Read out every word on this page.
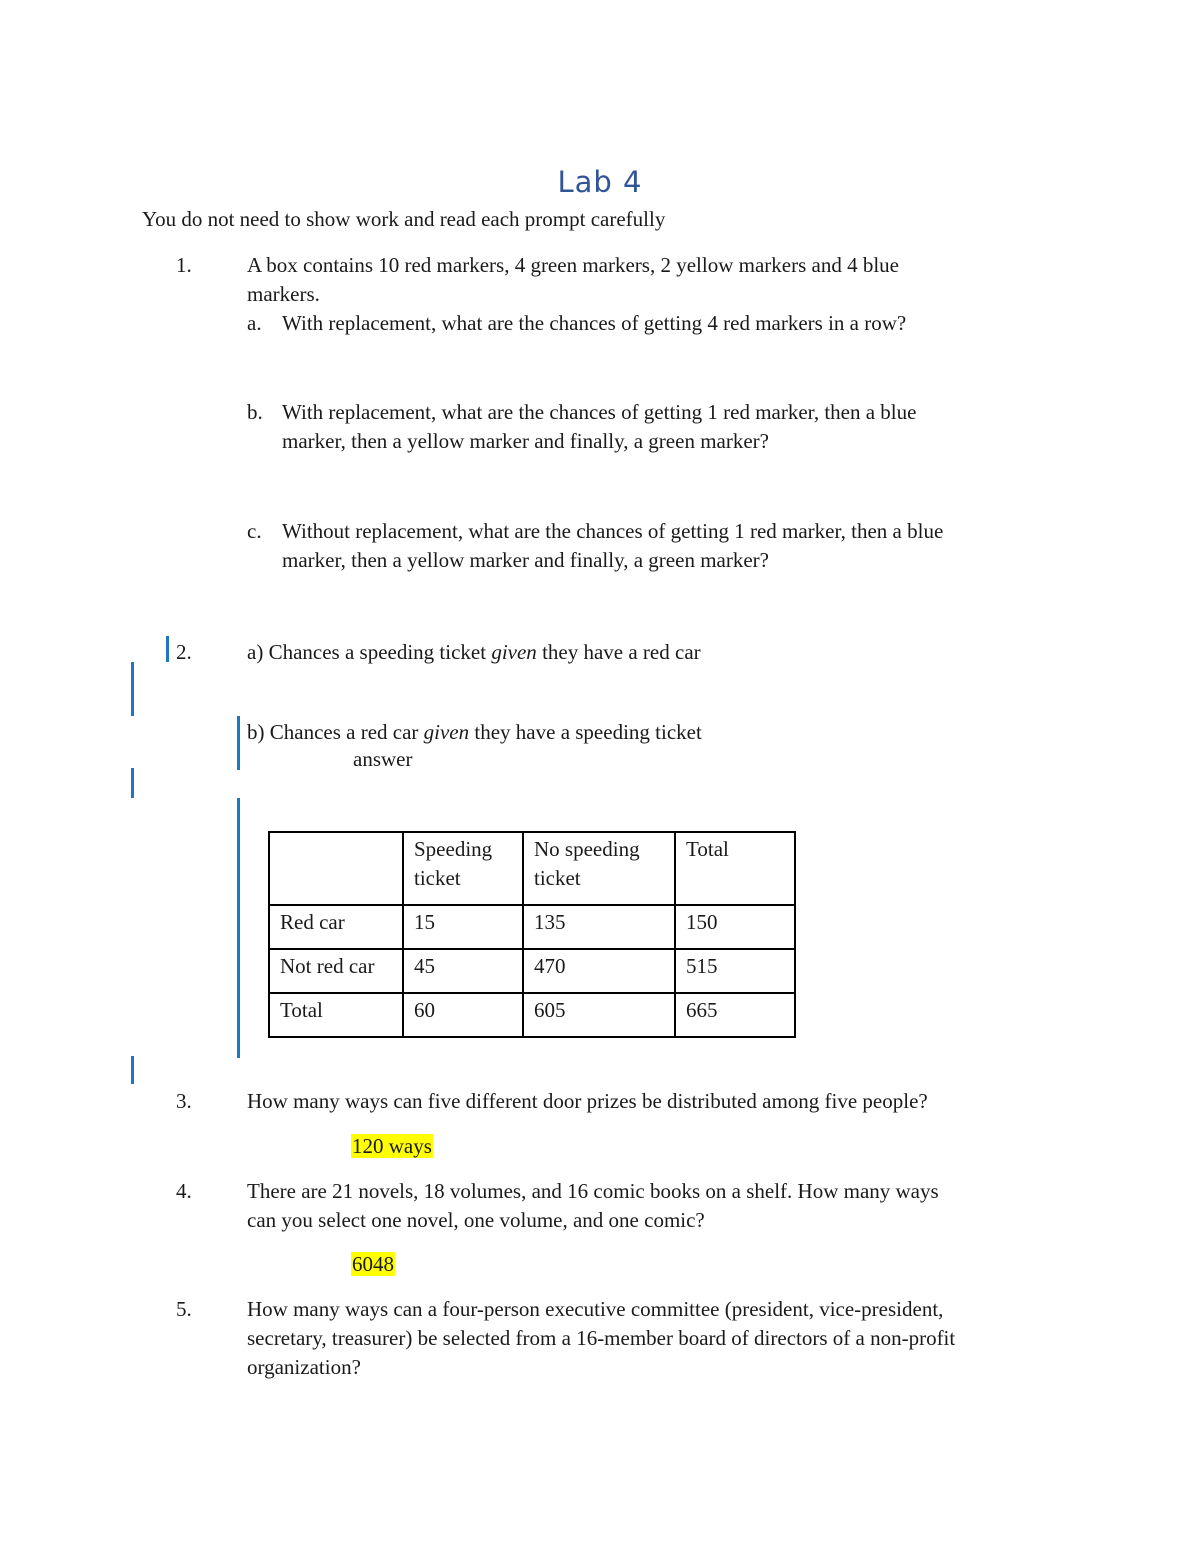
Lab 4
You do not need to show work and read each prompt carefully
1.	A box contains 10 red markers, 4 green markers, 2 yellow markers and 4 blue
markers.
a. With replacement, what are the chances of getting 4 red markers in a row?
b. With replacement, what are the chances of getting 1 red marker, then a blue
marker, then a yellow marker and finally, a green marker?
c. Without replacement, what are the chances of getting 1 red marker, then a blue
marker, then a yellow marker and finally, a green marker?
2.	a) Chances a speeding ticket given they have a red car
b) Chances a red car given they have a speeding ticket
answer
	Speeding ticket	No speeding ticket	Total
Red car	15	135	150
Not red car	45	470	515
Total	60	605	665
3.	How many ways can five different door prizes be distributed among five people?
120 ways
4.	There are 21 novels, 18 volumes, and 16 comic books on a shelf. How many ways
can you select one novel, one volume, and one comic?
6048
5.	How many ways can a four-person executive committee (president, vice-president,
secretary, treasurer) be selected from a 16-member board of directors of a non-profit
organization?
